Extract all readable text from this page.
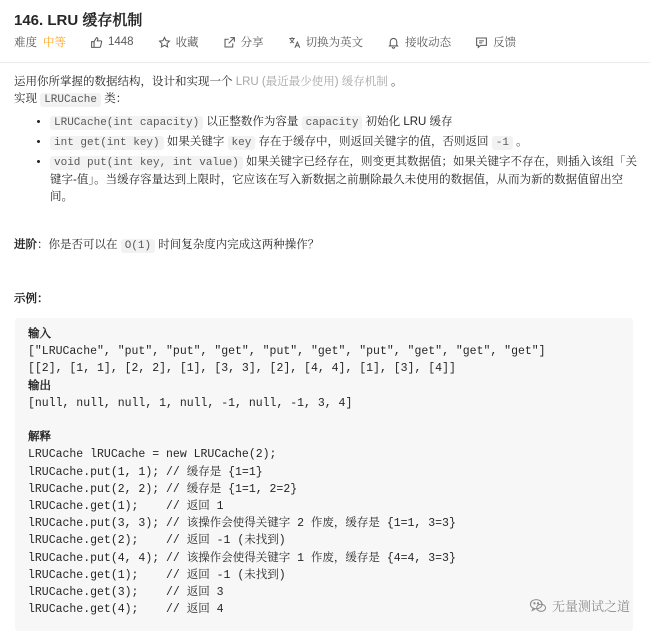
146. LRU 缓存机制
难度 中等	1448	收藏	分享	切换为英文	接收动态	反馈

运用你所掌握的数据结构，设计和实现一个 LRU (最近最少使用) 缓存机制 。

实现 LRUCache 类：

• LRUCache(int capacity) 以正整数作为容量 capacity 初始化 LRU 缓存
• int get(int key) 如果关键字 key 存在于缓存中，则返回关键字的值，否则返回 -1 。
• void put(int key, int value) 如果关键字已经存在，则变更其数据值；如果关键字不存在，则插入该组「关键字-值」。当缓存容量达到上限时，它应该在写入新数据之前删除最久未使用的数据值，从而为新的数据值留出空间。
进阶：你是否可以在 O(1) 时间复杂度内完成这两种操作？
示例：
输入
["LRUCache", "put", "put", "get", "put", "get", "put", "get", "get", "get"]
[[2], [1, 1], [2, 2], [1], [3, 3], [2], [4, 4], [1], [3], [4]]
输出
[null, null, null, 1, null, -1, null, -1, 3, 4]

解释
LRUCache lRUCache = new LRUCache(2);
lRUCache.put(1, 1); // 缓存是 {1=1}
lRUCache.put(2, 2); // 缓存是 {1=1, 2=2}
lRUCache.get(1);    // 返回 1
lRUCache.put(3, 3); // 该操作会使得关键字 2 作废，缓存是 {1=1, 3=3}
lRUCache.get(2);    // 返回 -1 (未找到)
lRUCache.put(4, 4); // 该操作会使得关键字 1 作废，缓存是 {4=4, 3=3}
lRUCache.get(1);    // 返回 -1 (未找到)
lRUCache.get(3);    // 返回 3
lRUCache.get(4);    // 返回 4	无量测试之道
